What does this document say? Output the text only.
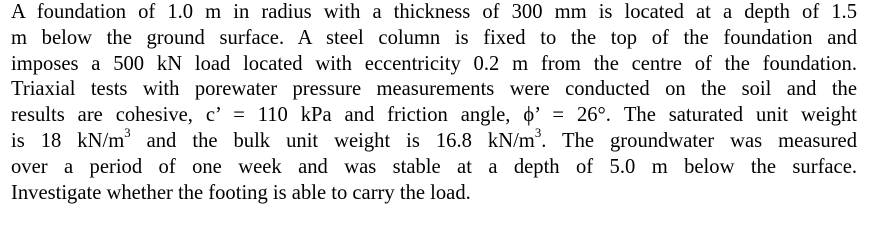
A foundation of 1.0 m in radius with a thickness of 300 mm is located at a depth of 1.5
m below the ground surface. A steel column is fixed to the top of the foundation and
imposes a 500 kN load located with eccentricity 0.2 m from the centre of the foundation.
Triaxial tests with porewater pressure measurements were conducted on the soil and the
results are cohesive, c’ = 110 kPa and friction angle, ϕ’ = 26°. The saturated unit weight
is 18 $kN/m^3$ and the bulk unit weight is 16.8 $kN/m^3$. The groundwater was measured
over a period of one week and was stable at a depth of 5.0 m below the surface.
Investigate whether the footing is able to carry the load.
